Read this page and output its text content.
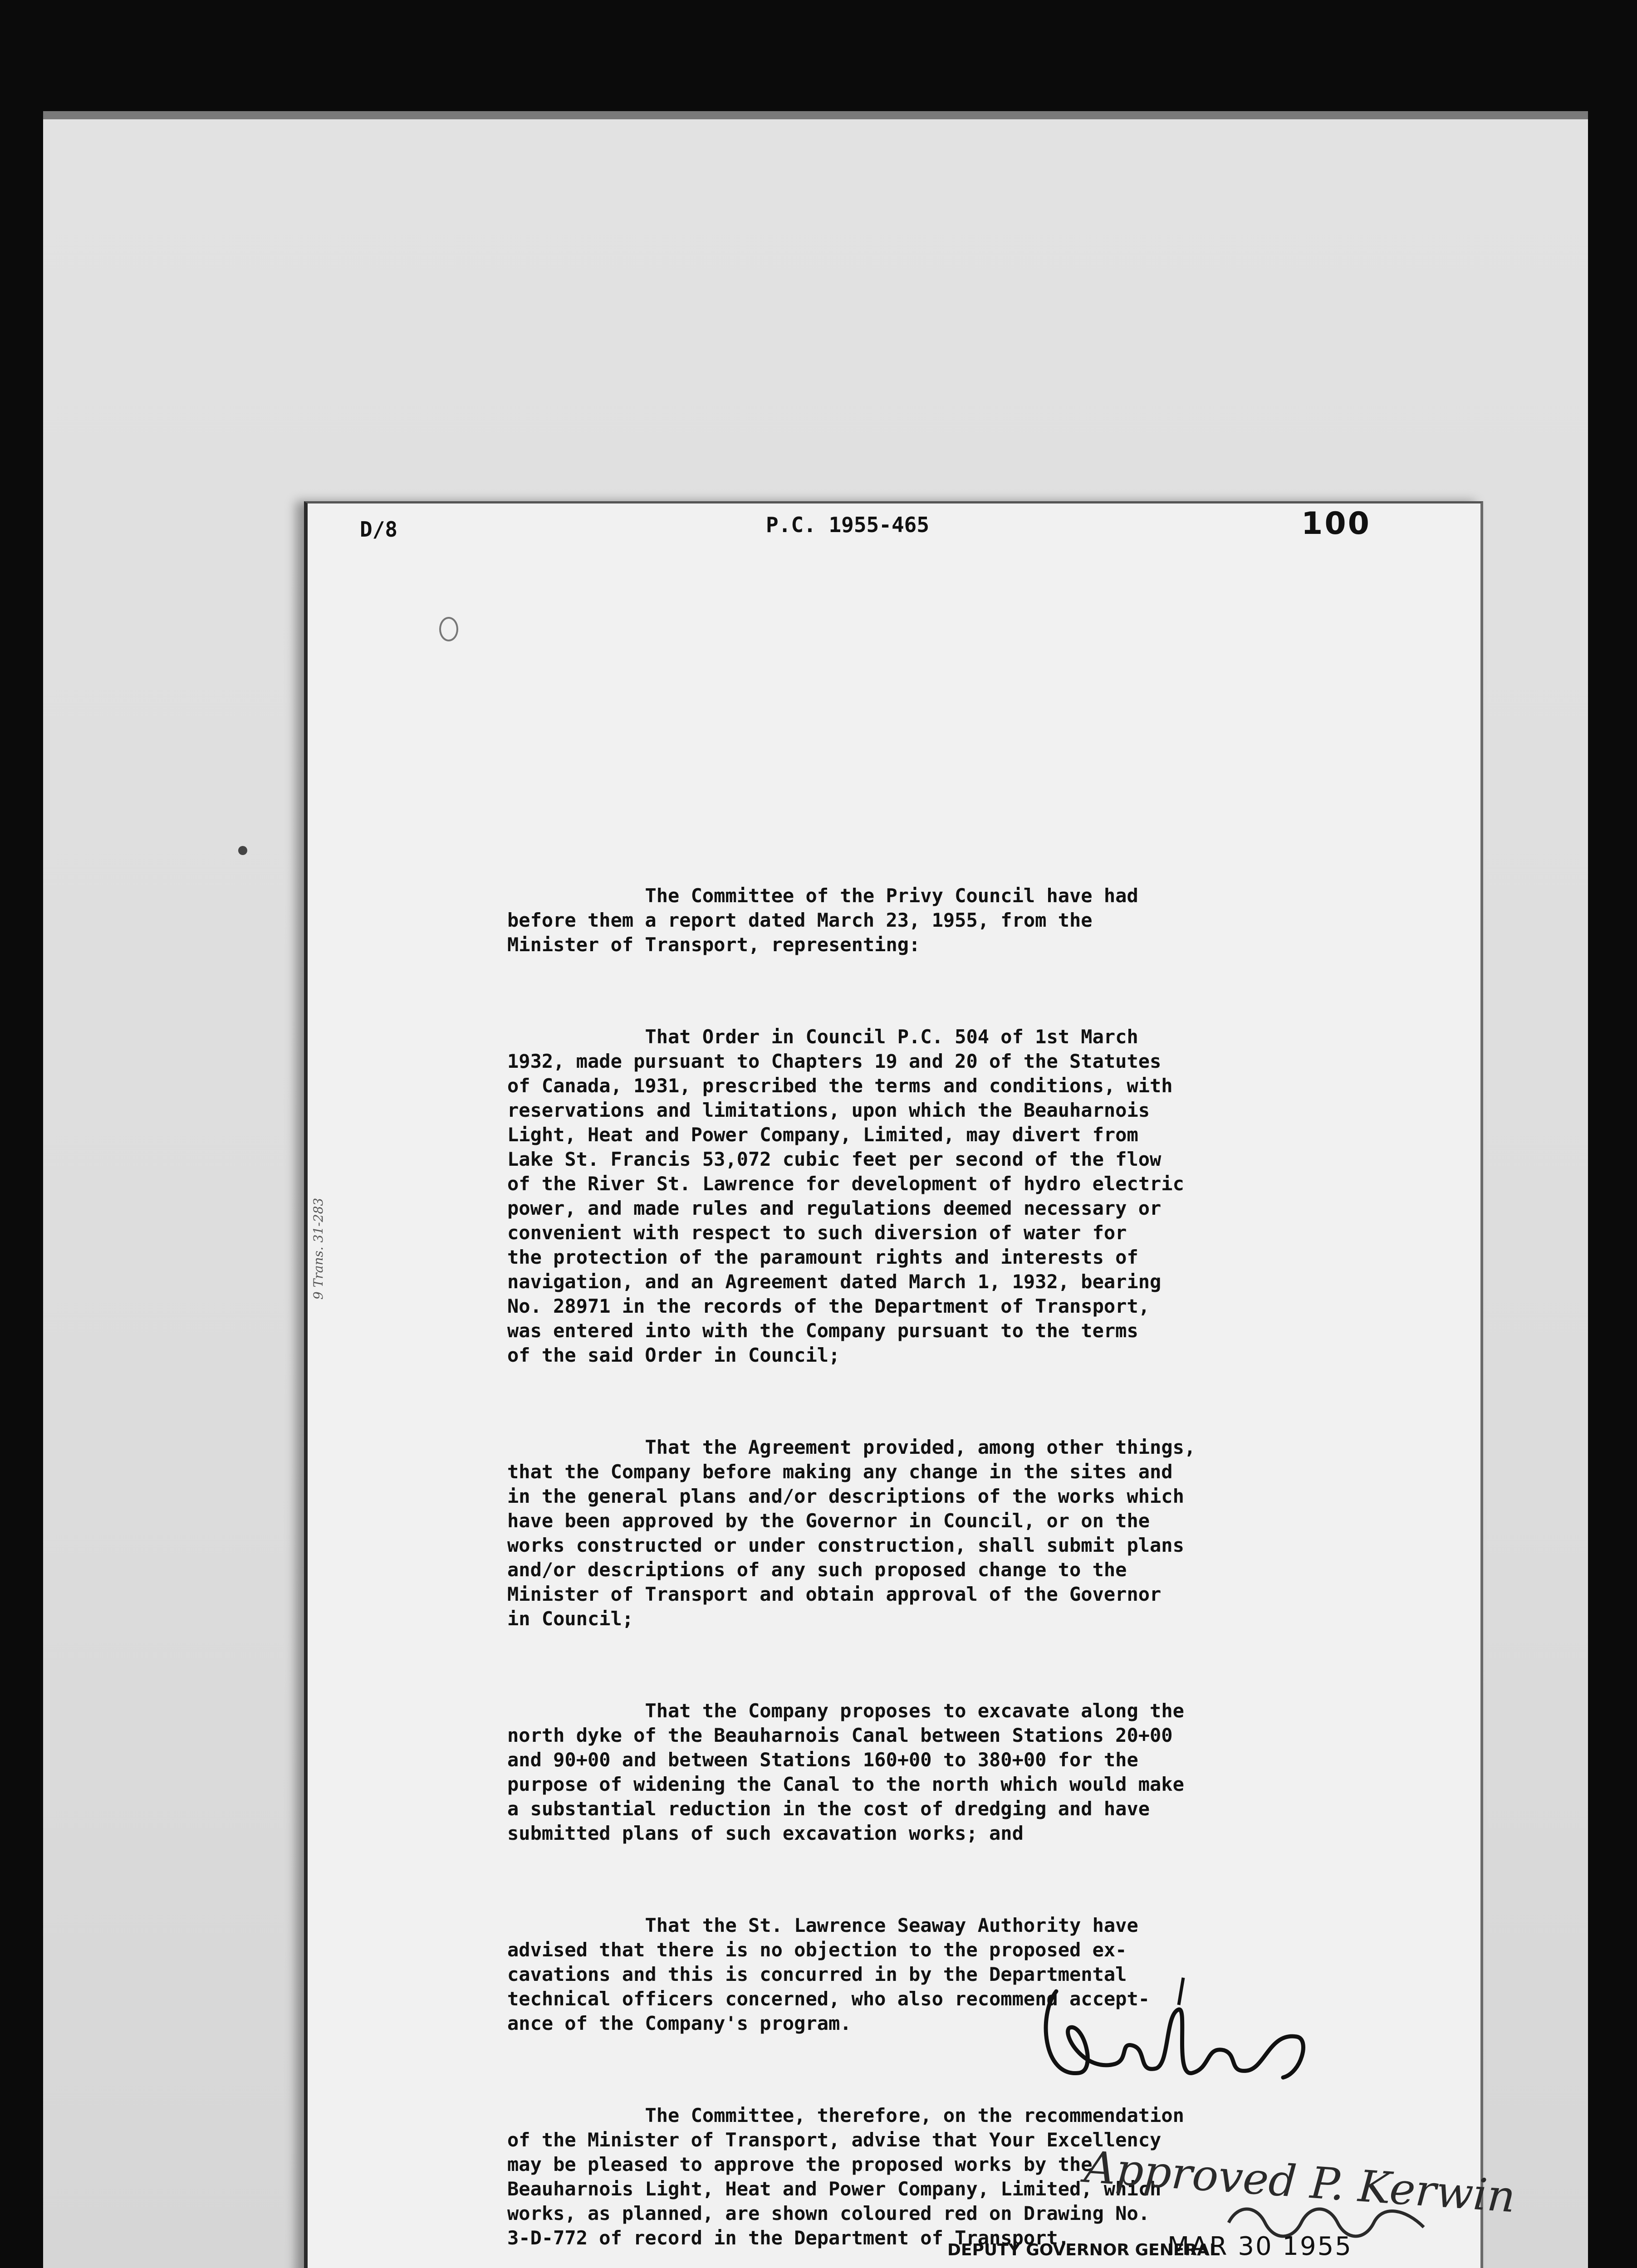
D/8	P.C. 1955-465	100

The Committee of the Privy Council have had
before them a report dated March 23, 1955, from the
Minister of Transport, representing:

That Order in Council P.C. 504 of 1st March
1932, made pursuant to Chapters 19 and 20 of the Statutes
of Canada, 1931, prescribed the terms and conditions, with
reservations and limitations, upon which the Beauharnois
Light, Heat and Power Company, Limited, may divert from
Lake St. Francis 53,072 cubic feet per second of the flow
of the River St. Lawrence for development of hydro electric
power, and made rules and regulations deemed necessary or
convenient with respect to such diversion of water for
the protection of the paramount rights and interests of
navigation, and an Agreement dated March 1, 1932, bearing
No. 28971 in the records of the Department of Transport,
was entered into with the Company pursuant to the terms
of the said Order in Council;

That the Agreement provided, among other things,
that the Company before making any change in the sites and
in the general plans and/or descriptions of the works which
have been approved by the Governor in Council, or on the
works constructed or under construction, shall submit plans
and/or descriptions of any such proposed change to the
Minister of Transport and obtain approval of the Governor
in Council;

That the Company proposes to excavate along the
north dyke of the Beauharnois Canal between Stations 20+00
and 90+00 and between Stations 160+00 to 380+00 for the
purpose of widening the Canal to the north which would make
a substantial reduction in the cost of dredging and have
submitted plans of such excavation works; and

That the St. Lawrence Seaway Authority have
advised that there is no objection to the proposed ex-
cavations and this is concurred in by the Departmental
technical officers concerned, who also recommend accept-
ance of the Company's program.

The Committee, therefore, on the recommendation
of the Minister of Transport, advise that Your Excellency
may be pleased to approve the proposed works by the
Beauharnois Light, Heat and Power Company, Limited, which
works, as planned, are shown coloured red on Drawing No.
3-D-772 of record in the Department of Transport.

Approved P. Kerwin
DEPUTY GOVERNOR GENERAL
MAR 30 1955
9 Trans. 31-283
